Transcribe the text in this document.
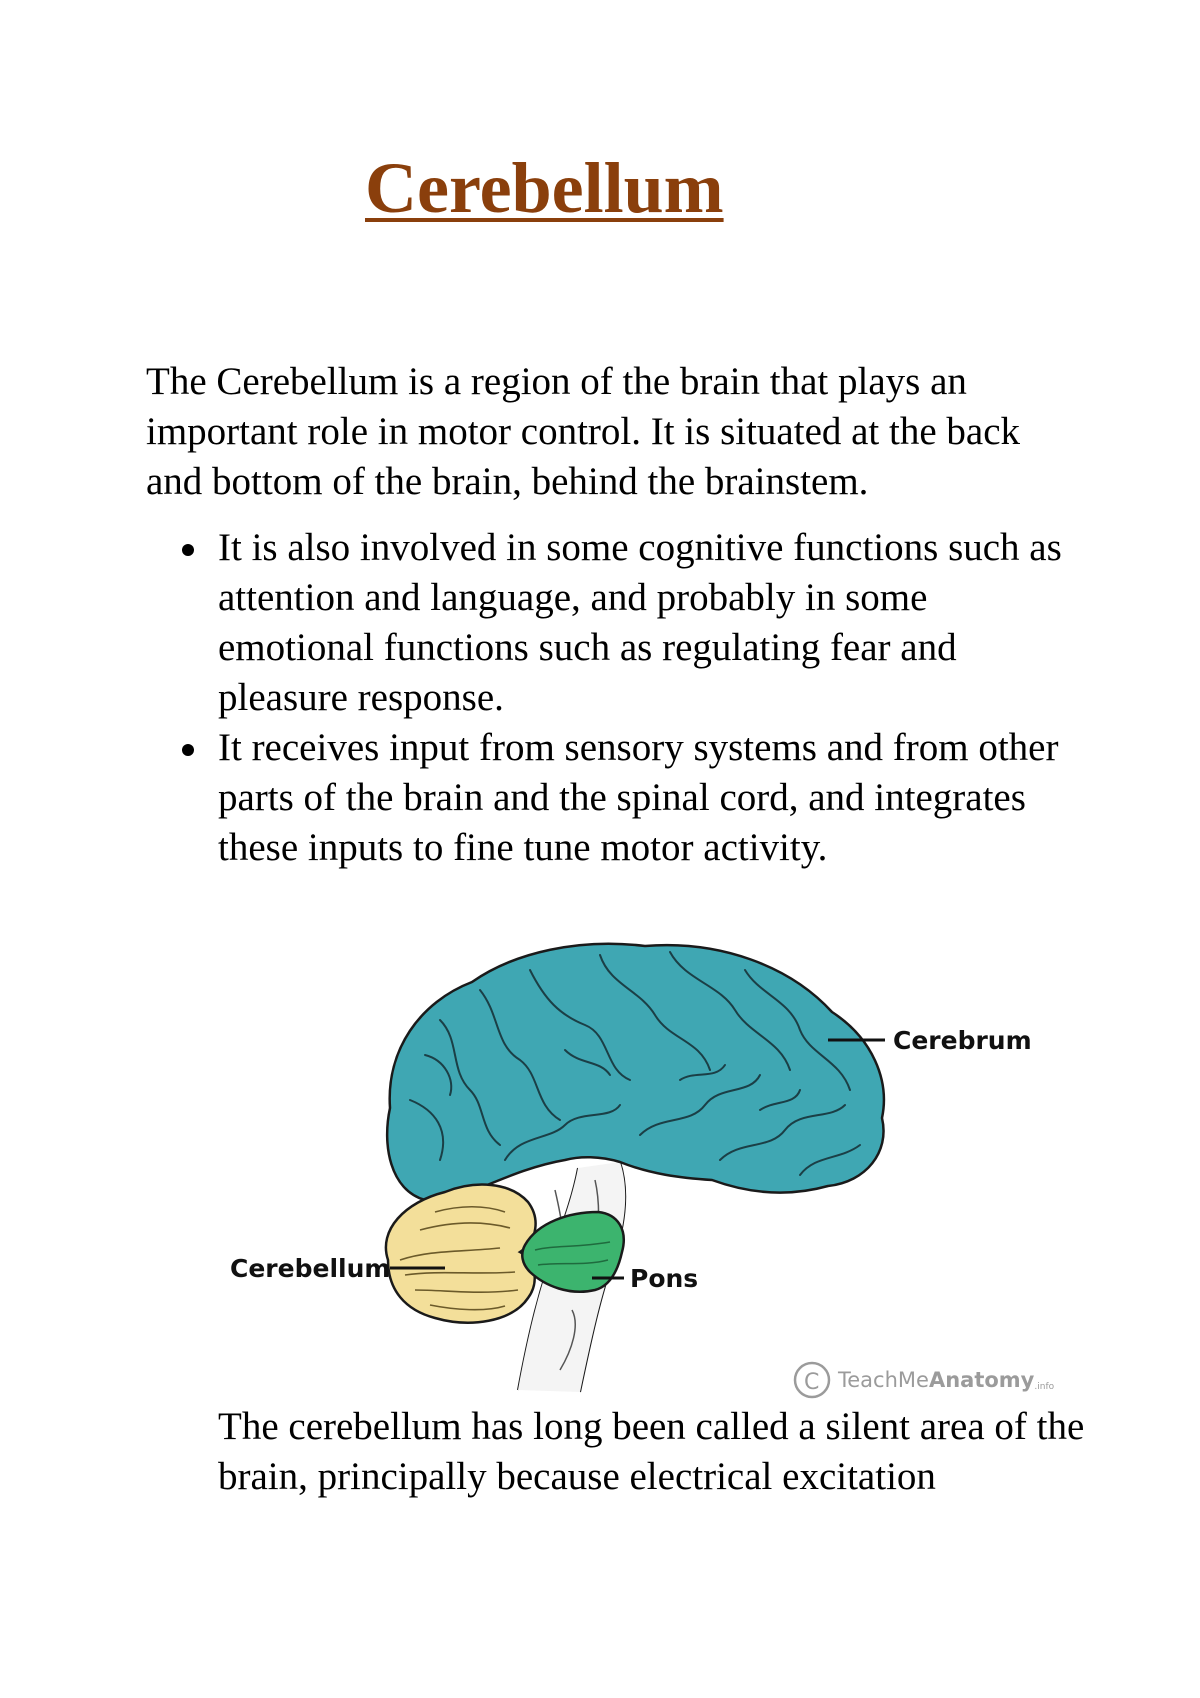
Cerebellum

The Cerebellum is a region of the brain that plays an important role in motor control. It is situated at the back and bottom of the brain, behind the brainstem.

It is also involved in some cognitive functions such as attention and language, and probably in some emotional functions such as regulating fear and pleasure response.
It receives input from sensory systems and from other parts of the brain and the spinal cord, and integrates these inputs to fine tune motor activity.
Cerebrum
Cerebellum	Pons
C TeachMeAnatomy.info

The cerebellum has long been called a silent area of the brain, principally because electrical excitation
